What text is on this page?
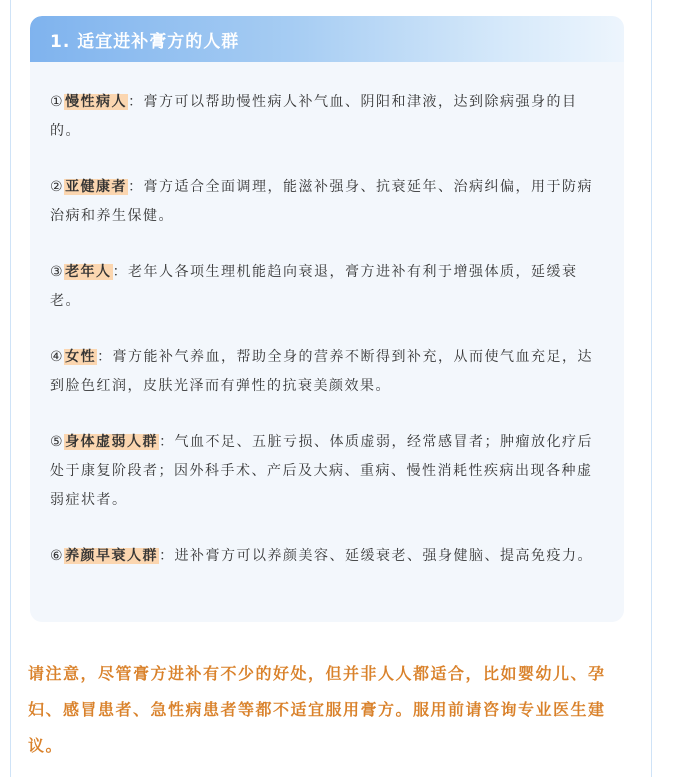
1. 适宜进补膏方的人群
①慢性病人：膏方可以帮助慢性病人补气血、阴阳和津液，达到除病强身的目的。
②亚健康者：膏方适合全面调理，能滋补强身、抗衰延年、治病纠偏，用于防病治病和养生保健。
③老年人：老年人各项生理机能趋向衰退，膏方进补有利于增强体质，延缓衰老。
④女性：膏方能补气养血，帮助全身的营养不断得到补充，从而使气血充足，达到脸色红润，皮肤光泽而有弹性的抗衰美颜效果。
⑤身体虚弱人群：气血不足、五脏亏损、体质虚弱，经常感冒者；肿瘤放化疗后处于康复阶段者；因外科手术、产后及大病、重病、慢性消耗性疾病出现各种虚弱症状者。
⑥养颜早衰人群：进补膏方可以养颜美容、延缓衰老、强身健脑、提高免疫力。
请注意，尽管膏方进补有不少的好处，但并非人人都适合，比如婴幼儿、孕妇、感冒患者、急性病患者等都不适宜服用膏方。服用前请咨询专业医生建议。
